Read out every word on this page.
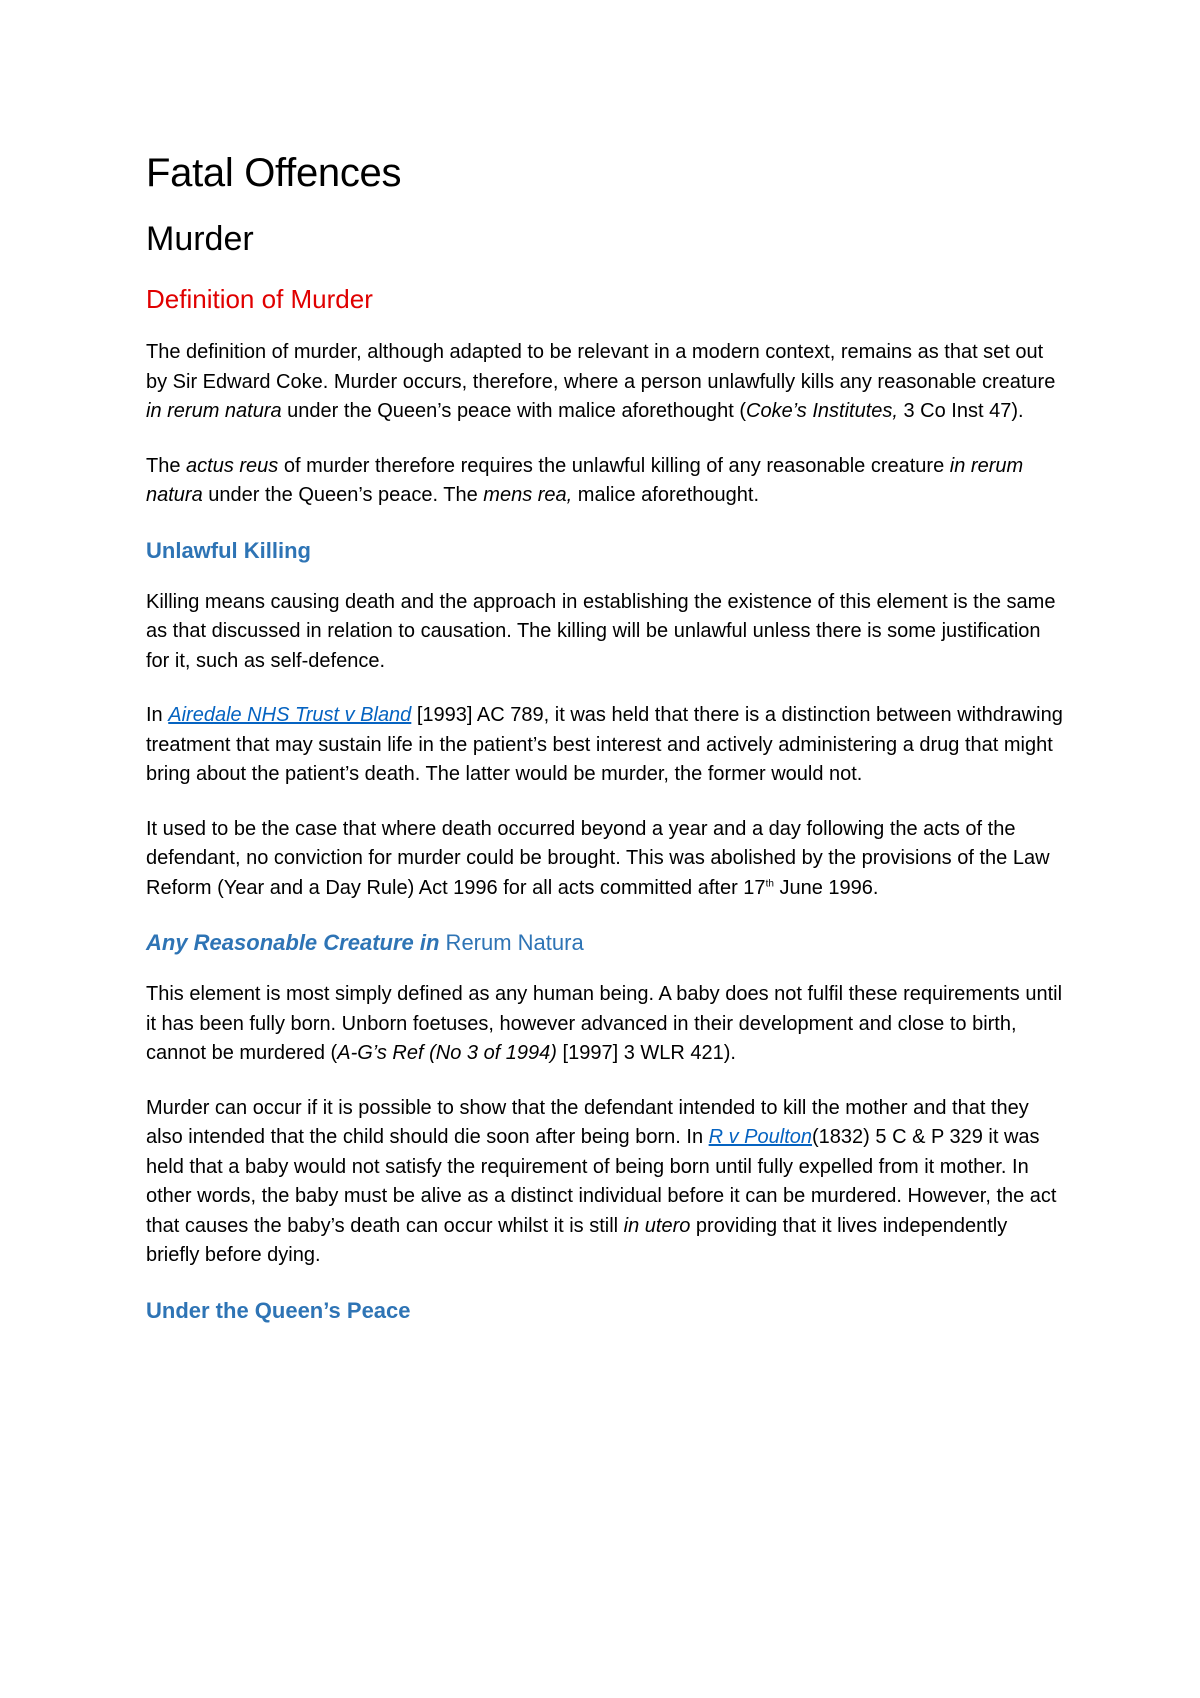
Fatal Offences
Murder
Definition of Murder

The definition of murder, although adapted to be relevant in a modern context, remains as that set out by Sir Edward Coke. Murder occurs, therefore, where a person unlawfully kills any reasonable creature in rerum natura under the Queen’s peace with malice aforethought (Coke’s Institutes, 3 Co Inst 47).

The actus reus of murder therefore requires the unlawful killing of any reasonable creature in rerum natura under the Queen’s peace. The mens rea, malice aforethought.

Unlawful Killing

Killing means causing death and the approach in establishing the existence of this element is the same as that discussed in relation to causation. The killing will be unlawful unless there is some justification for it, such as self-defence.

In Airedale NHS Trust v Bland [1993] AC 789, it was held that there is a distinction between withdrawing treatment that may sustain life in the patient’s best interest and actively administering a drug that might bring about the patient’s death. The latter would be murder, the former would not.

It used to be the case that where death occurred beyond a year and a day following the acts of the defendant, no conviction for murder could be brought. This was abolished by the provisions of the Law Reform (Year and a Day Rule) Act 1996 for all acts committed after 17th June 1996.

Any Reasonable Creature in Rerum Natura

This element is most simply defined as any human being. A baby does not fulfil these requirements until it has been fully born. Unborn foetuses, however advanced in their development and close to birth, cannot be murdered (A-G’s Ref (No 3 of 1994) [1997] 3 WLR 421).

Murder can occur if it is possible to show that the defendant intended to kill the mother and that they also intended that the child should die soon after being born. In R v Poulton(1832) 5 C & P 329 it was held that a baby would not satisfy the requirement of being born until fully expelled from it mother. In other words, the baby must be alive as a distinct individual before it can be murdered. However, the act that causes the baby’s death can occur whilst it is still in utero providing that it lives independently briefly before dying.

Under the Queen’s Peace
